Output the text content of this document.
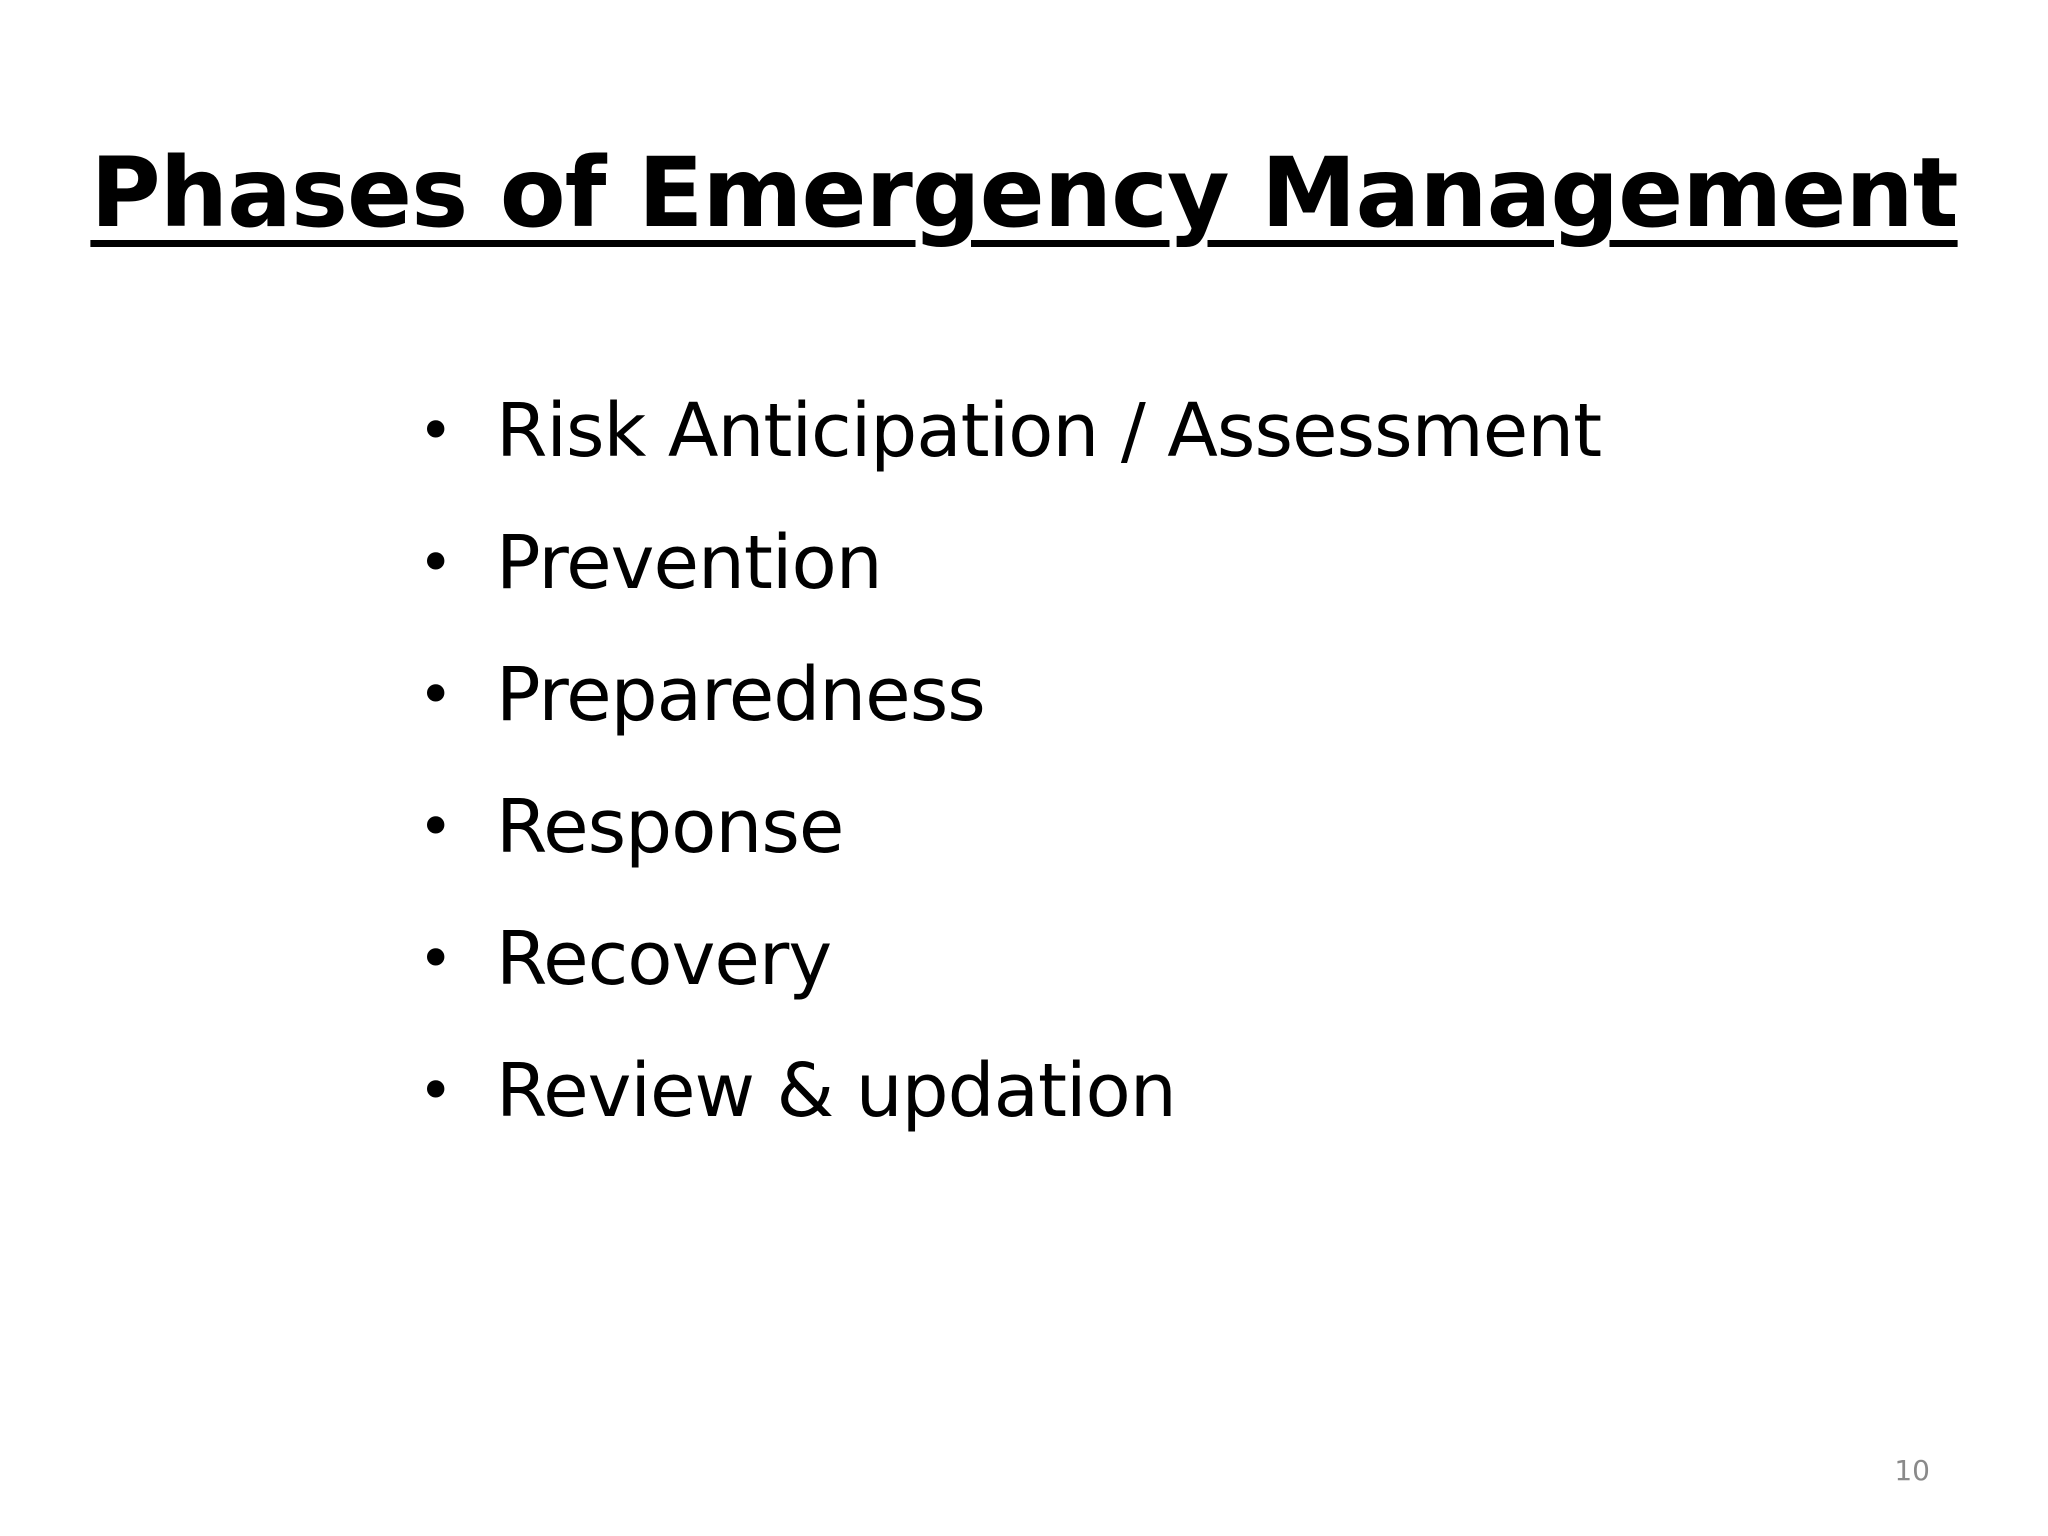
Phases of Emergency Management
• Risk Anticipation / Assessment
• Prevention
• Preparedness
• Response
• Recovery
• Review & updation
10
